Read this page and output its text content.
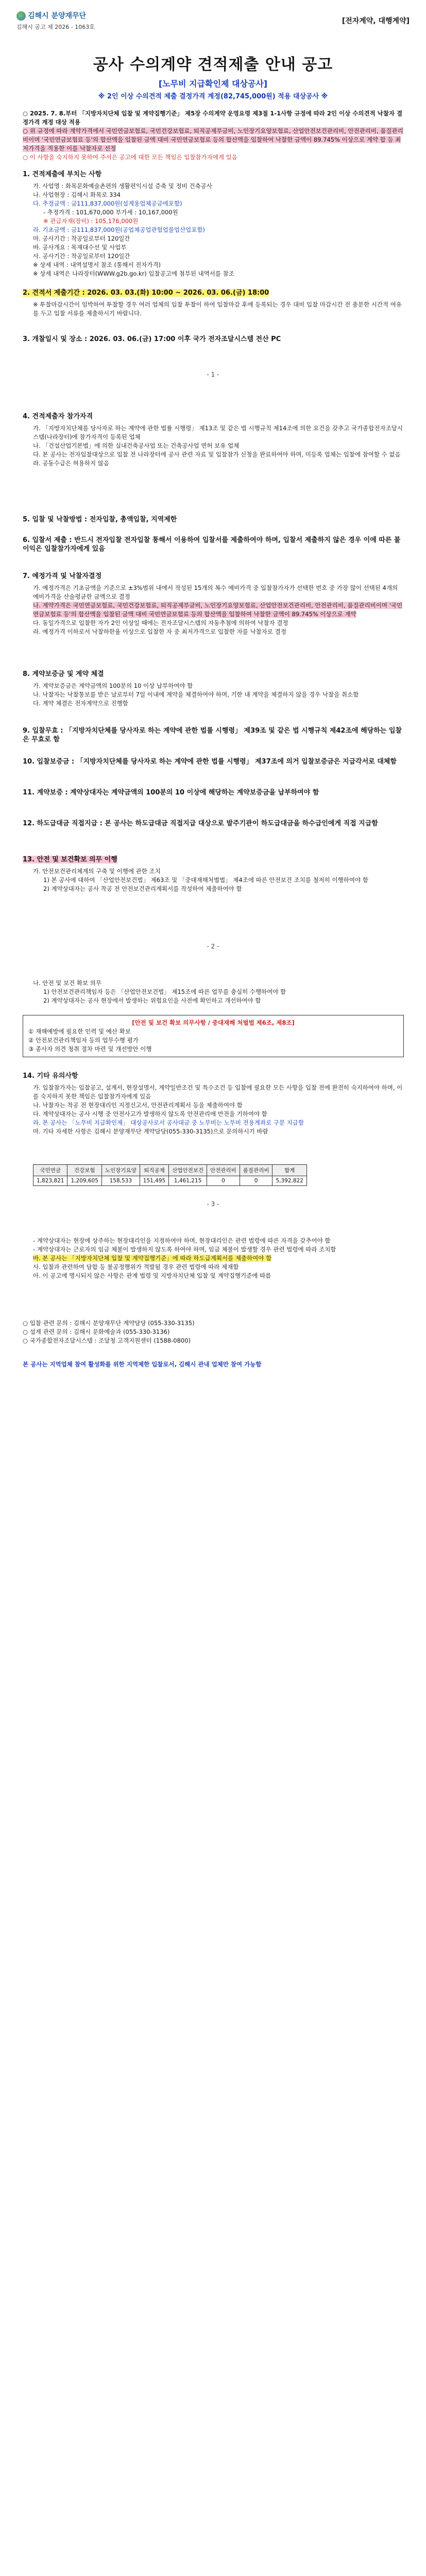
김해시 분양재무단
김해시 공고 제 2026 - 1063호
[전자계약, 대행계약]
공사 수의계약 견적제출 안내 공고
[노무비 지급확인제 대상공사]
※ 2인 이상 수의견적 제출 결정가격 계정(82,745,000원) 적용 대상공사 ※

○ 2025. 7. 8.부터 「지방자치단체 입찰 및 계약집행기준」 제5장 수의계약 운영요령 제3절 1-1사항 규정에 따라 2인 이상 수의견적 낙찰자 결정가격 계정 대상 적용

○ 위 규정에 따라 계약가격에서 국민연금보험료, 국민건강보험료, 퇴직공제부금비, 노인장기요양보험료, 산업안전보건관리비, 안전관리비, 품질관리비이며 '국민연금보험료 등'의 합산액을 입찰된 금액 대비 국민연금보험료 등의 합산액을 입찰하여 낙찰한 금액이 89.745% 이상으로 계약 합 등 최저가격을 적용한 이를 낙찰자로 선정

○ 이 사항을 숙지하지 못하여 주셔은 공고에 대한 모든 책임은 입찰참가자에게 있음

1. 견적제출에 부치는 사항

가. 사업명 : 화목문화예술촌편의 생활편익시설 증축 및 정비 건축공사

나. 사업현장 : 김해시 화목로 334

다. 추정금액 : 금111,837,000원(설계용업체공금에포함)

- 추정가격 : 101,670,000 부가세 : 10,167,000원

※ 관급자재(장비) : 105,176,000원

라. 기초금액 : 금111,837,000원(공업체공업관험업물업산업포함)

마. 공사기간 : 착공일로부터 120일간

바. 공사개요 : 목재대수선 및 사업부

사. 공사기간 : 착공일로부터 120일간

※ 상세 내역 : 내역설명서 참조 (통해서 전자가격)

※ 상세 내역은 나라장터(WWW.g2b.go.kr) 입찰공고에 첨부된 내역서를 참조

2. 견적서 제출기간 : 2026. 03. 03.(화) 10:00 ~ 2026. 03. 06.(금) 18:00

※ 투찰마감시간이 임박하여 투찰할 경우 여러 업체의 입찰 투찰이 하여 입찰마감 후에 등록되는 경우 대비 입찰 마감시간 전 충분한 시간적 여유를 두고 입찰 서류를 제출하시기 바랍니다.

3. 개찰일시 및 장소 : 2026. 03. 06.(금) 17:00 이후 국가 전자조달시스템 전산 PC

- 1 -

4. 견적제출자 참가자격

가. 「지방자치단체를 당사자로 하는 계약에 관한 법률 시행령」 제13조 및 같은 법 시행규칙 제14조에 의한 요건을 갖추고 국가종합전자조달시스템(나라장터)에 참가자격이 등록된 업체

나. 「건설산업기본법」에 의한 실내건축공사업 또는 건축공사업 면허 보유 업체

다. 본 공사는 전자입찰대상으로 입찰 전 나라장터에 공사 관련 자료 및 입찰참가 신청을 완료하여야 하며, 미등록 업체는 입찰에 참여할 수 없음

라. 공동수급은 허용하지 않음

5. 입찰 및 낙찰방법 : 전자입찰, 총액입찰, 지역제한

6. 입찰서 제출 : 반드시 전자입찰 전자입찰 통해서 이용하여 입찰서를 제출하여야 하며, 입찰서 제출하지 않은 경우 이에 따른 불이익은 입찰참가자에게 있음

7. 예정가격 및 낙찰자결정

가. 예정가격은 기초금액을 기준으로 ±3%범위 내에서 작성된 15개의 복수 예비가격 중 입찰참가자가 선택한 번호 중 가장 많이 선택된 4개의 예비가격을 산술평균한 금액으로 결정

나. 계약가격은 국민연금보험료, 국민건강보험료, 퇴직공제부금비, 노인장기요양보험료, 산업안전보건관리비, 안전관리비, 품질관리비이며 '국민연금보험료 등'의 합산액을 입찰된 금액 대비 국민연금보험료 등의 합산액을 입찰하여 낙찰한 금액이 89.745% 이상으로 계약

다. 동일가격으로 입찰한 자가 2인 이상일 때에는 전자조달시스템의 자동추첨에 의하여 낙찰자 결정

라. 예정가격 이하로서 낙찰하한율 이상으로 입찰한 자 중 최저가격으로 입찰한 자를 낙찰자로 결정

8. 계약보증금 및 계약 체결

가. 계약보증금은 계약금액의 100분의 10 이상 납부하여야 함

나. 낙찰자는 낙찰통보를 받은 날로부터 7일 이내에 계약을 체결하여야 하며, 기한 내 계약을 체결하지 않을 경우 낙찰을 취소함

다. 계약 체결은 전자계약으로 진행함

9. 입찰무효 : 「지방자치단체를 당사자로 하는 계약에 관한 법률 시행령」 제39조 및 같은 법 시행규칙 제42조에 해당하는 입찰은 무효로 함

10. 입찰보증금 : 「지방자치단체를 당사자로 하는 계약에 관한 법률 시행령」 제37조에 의거 입찰보증금은 지급각서로 대체함

11. 계약보증 : 계약상대자는 계약금액의 100분의 10 이상에 해당하는 계약보증금을 납부하여야 함

12. 하도급대금 직접지급 : 본 공사는 하도급대금 직접지급 대상으로 발주기관이 하도급대금을 하수급인에게 직접 지급함

13. 안전 및 보건확보 의무 이행

가. 안전보건관리체계의 구축 및 이행에 관한 조치

1) 본 공사에 대하여 「산업안전보건법」 제63조 및 「중대재해처벌법」 제4조에 따른 안전보건 조치를 철저히 이행하여야 함

2) 계약상대자는 공사 착공 전 안전보건관리계획서를 작성하여 제출하여야 함

- 2 -

나. 안전 및 보건 확보 의무

1) 안전보건관리책임자 등은 「산업안전보건법」 제15조에 따른 업무를 충실히 수행하여야 함

2) 계약상대자는 공사 현장에서 발생하는 위험요인을 사전에 확인하고 개선하여야 함

[안전 및 보건 확보 의무사항 / 중대재해 처벌법 제6조, 제8조]

① 재해예방에 필요한 인력 및 예산 확보

② 안전보건관리책임자 등의 업무수행 평가

③ 종사자 의견 청취 절차 마련 및 개선방안 이행

14. 기타 유의사항

가. 입찰참가자는 입찰공고, 설계서, 현장설명서, 계약일반조건 및 특수조건 등 입찰에 필요한 모든 사항을 입찰 전에 완전히 숙지하여야 하며, 이를 숙지하지 못한 책임은 입찰참가자에게 있음

나. 낙찰자는 착공 전 현장대리인 지정신고서, 안전관리계획서 등을 제출하여야 함

다. 계약상대자는 공사 시행 중 안전사고가 발생하지 않도록 안전관리에 만전을 기하여야 함

라. 본 공사는 「노무비 지급확인제」 대상공사로서 공사대금 중 노무비는 노무비 전용계좌로 구분 지급함

마. 기타 자세한 사항은 김해시 분양재무단 계약담당(055-330-3135)으로 문의하시기 바람

국민연금	건강보험	노인장기요양	퇴직공제	산업안전보건	안전관리비	품질관리비	합계
1,823,821	1,209,605	158,533	151,495	1,461,215	0	0	5,392,822
- 3 -

- 계약상대자는 현장에 상주하는 현장대리인을 지정하여야 하며, 현장대리인은 관련 법령에 따른 자격을 갖추어야 함

- 계약상대자는 근로자의 임금 체불이 발생하지 않도록 하여야 하며, 임금 체불이 발생할 경우 관련 법령에 따라 조치함

바. 본 공사는 「지방자치단체 입찰 및 계약집행기준」에 따라 하도급계획서를 제출하여야 함

사. 입찰과 관련하여 담합 등 불공정행위가 적발될 경우 관련 법령에 따라 제재함

아. 이 공고에 명시되지 않은 사항은 관계 법령 및 지방자치단체 입찰 및 계약집행기준에 따름

○ 입찰 관련 문의 : 김해시 분양재무단 계약담당 (055-330-3135)

○ 설계 관련 문의 : 김해시 문화예술과 (055-330-3136)

○ 국가종합전자조달시스템 : 조달청 고객지원센터 (1588-0800)

본 공사는 지역업체 참여 활성화를 위한 지역제한 입찰로서, 김해시 관내 업체만 참여 가능함
